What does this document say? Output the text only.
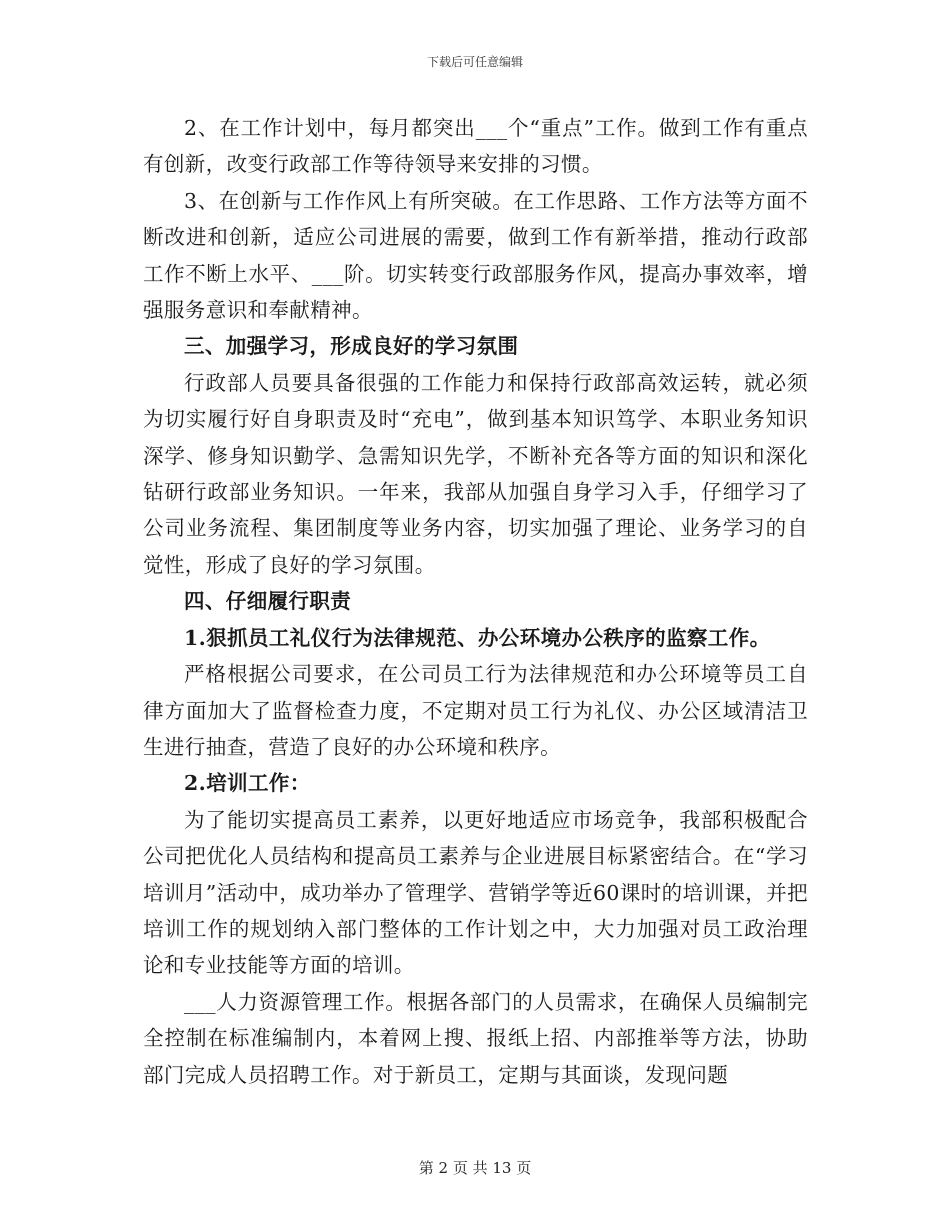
下载后可任意编辑

2、在工作计划中，每月都突出___个“重点”工作。做到工作有重点有创新，改变行政部工作等待领导来安排的习惯。

3、在创新与工作作风上有所突破。在工作思路、工作方法等方面不断改进和创新，适应公司进展的需要，做到工作有新举措，推动行政部工作不断上水平、___阶。切实转变行政部服务作风，提高办事效率，增强服务意识和奉献精神。

三、加强学习，形成良好的学习氛围

行政部人员要具备很强的工作能力和保持行政部高效运转，就必须为切实履行好自身职责及时“充电”，做到基本知识笃学、本职业务知识深学、修身知识勤学、急需知识先学，不断补充各等方面的知识和深化钻研行政部业务知识。一年来，我部从加强自身学习入手，仔细学习了公司业务流程、集团制度等业务内容，切实加强了理论、业务学习的自觉性，形成了良好的学习氛围。

四、仔细履行职责

1.狠抓员工礼仪行为法律规范、办公环境办公秩序的监察工作。

严格根据公司要求，在公司员工行为法律规范和办公环境等员工自律方面加大了监督检查力度，不定期对员工行为礼仪、办公区域清洁卫生进行抽查，营造了良好的办公环境和秩序。

2.培训工作：

为了能切实提高员工素养，以更好地适应市场竞争，我部积极配合公司把优化人员结构和提高员工素养与企业进展目标紧密结合。在“学习培训月”活动中，成功举办了管理学、营销学等近60课时的培训课，并把培训工作的规划纳入部门整体的工作计划之中，大力加强对员工政治理论和专业技能等方面的培训。

___人力资源管理工作。根据各部门的人员需求，在确保人员编制完全控制在标准编制内，本着网上搜、报纸上招、内部推举等方法，协助部门完成人员招聘工作。对于新员工，定期与其面谈，发现问题

第 2 页 共 13 页
